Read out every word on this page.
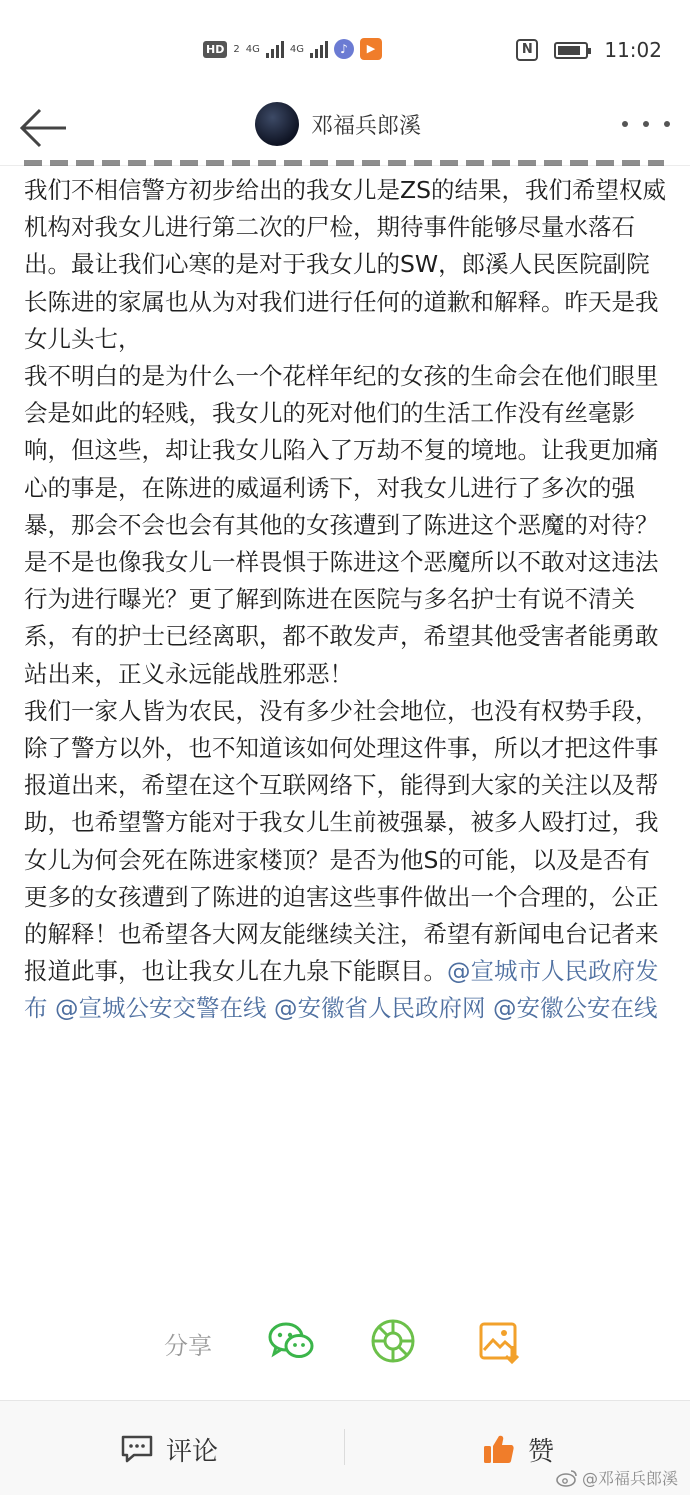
HD 2 4G	4G	♪	▶	N	11:02
邓福兵郎溪

我们不相信警方初步给出的我女儿是ZS的结果，我们希望权威机构对我女儿进行第二次的尸检，期待事件能够尽量水落石出。最让我们心寒的是对于我女儿的SW，郎溪人民医院副院长陈进的家属也从为对我们进行任何的道歉和解释。昨天是我女儿头七，

我不明白的是为什么一个花样年纪的女孩的生命会在他们眼里会是如此的轻贱，我女儿的死对他们的生活工作没有丝毫影响，但这些，却让我女儿陷入了万劫不复的境地。让我更加痛心的事是，在陈进的威逼利诱下，对我女儿进行了多次的强暴，那会不会也会有其他的女孩遭到了陈进这个恶魔的对待？是不是也像我女儿一样畏惧于陈进这个恶魔所以不敢对这违法行为进行曝光？更了解到陈进在医院与多名护士有说不清关系，有的护士已经离职，都不敢发声，希望其他受害者能勇敢站出来，正义永远能战胜邪恶！

我们一家人皆为农民，没有多少社会地位，也没有权势手段，除了警方以外，也不知道该如何处理这件事，所以才把这件事报道出来，希望在这个互联网络下，能得到大家的关注以及帮助，也希望警方能对于我女儿生前被强暴，被多人殴打过，我女儿为何会死在陈进家楼顶？是否为他S的可能，以及是否有更多的女孩遭到了陈进的迫害这些事件做出一个合理的，公正的解释！也希望各大网友能继续关注，希望有新闻电台记者来报道此事，也让我女儿在九泉下能瞑目。@宣城市人民政府发布 @宣城公安交警在线 @安徽省人民政府网 @安徽公安在线

分享
评论	赞
@邓福兵郎溪
